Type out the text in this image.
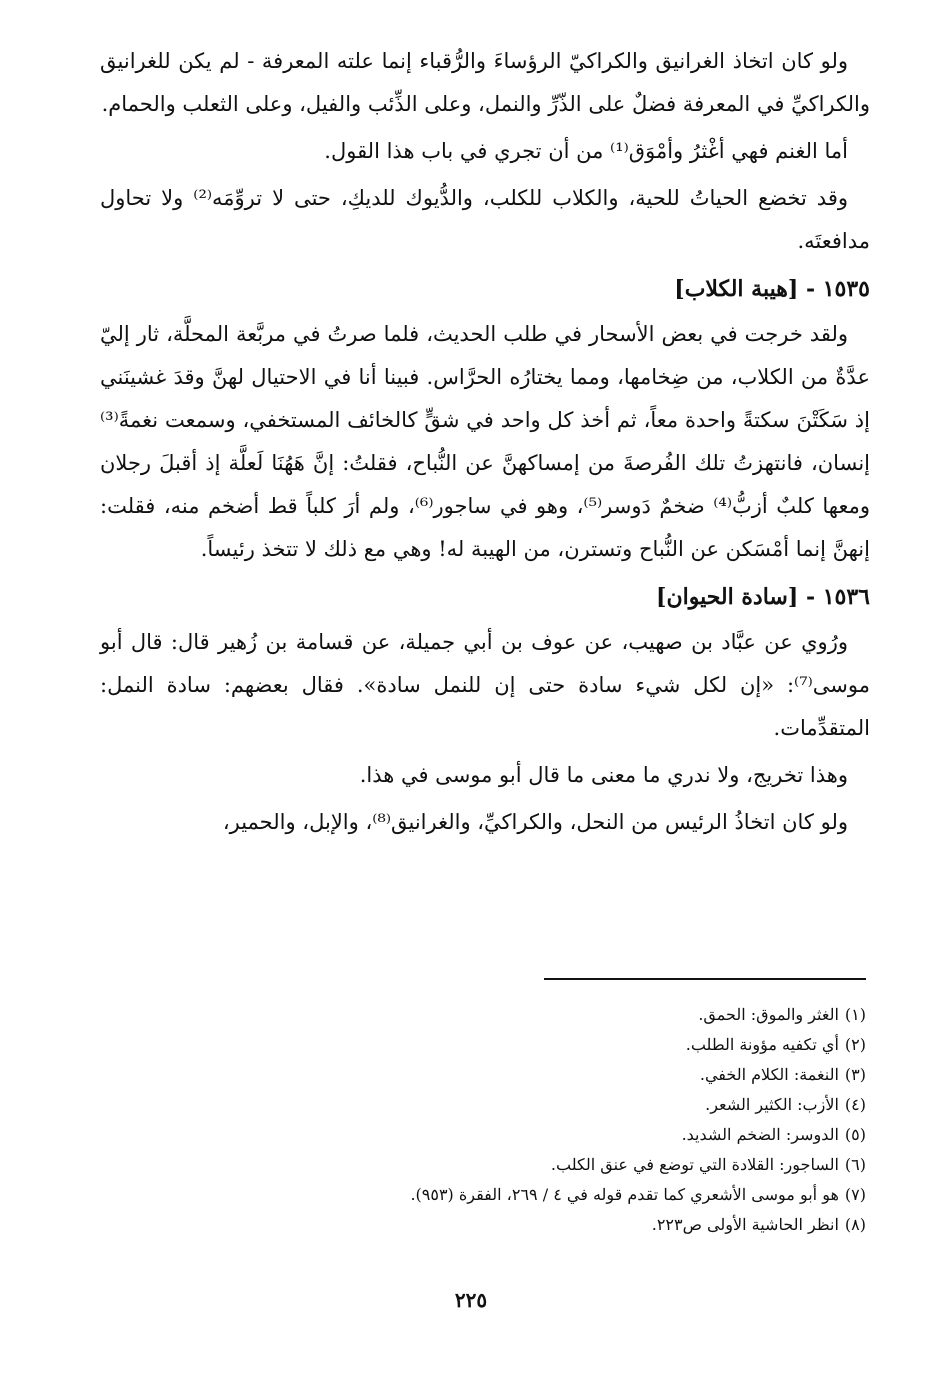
ولو كان اتخاذ الغرانيق والكراكيّ الرؤساءَ والرُّقباء إنما علته المعرفة - لم يكن للغرانيق والكراكيِّ في المعرفة فضلٌ على الذّرِّ والنمل، وعلى الذِّئب والفيل، وعلى الثعلب والحمام.

أما الغنم فهي أغْثرُ وأمْوَق⁽¹⁾ من أن تجري في باب هذا القول.

وقد تخضع الحياتُ للحية، والكلاب للكلب، والدُّيوك للديكِ، حتى لا تروِّمَه⁽²⁾ ولا تحاول مدافعتَه.

١٥٣٥ - [هيبة الكلاب]

ولقد خرجت في بعض الأسحار في طلب الحديث، فلما صرتُ في مربَّعة المحلَّة، ثار إليّ عدَّةٌ من الكلاب، من ضِخامها، ومما يختارُه الحرَّاس. فبينا أنا في الاحتيال لهنَّ وقدَ غشينَني إذ سَكَتْنَ سكتةً واحدة معاً، ثم أخذ كل واحد في شقٍّ كالخائف المستخفي، وسمعت نغمةً⁽³⁾ إنسان، فانتهزتُ تلك الفُرصةَ من إمساكهنَّ عن النُّباح، فقلتُ: إنَّ هَهُنَا لَعلَّة إذ أقبلَ رجلان ومعها كلبٌ أزبُّ⁽⁴⁾ ضخمٌ دَوسر⁽⁵⁾، وهو في ساجور⁽⁶⁾، ولم أرَ كلباً قط أضخم منه، فقلت: إنهنَّ إنما أمْسَكن عن النُّباح وتسترن، من الهيبة له! وهي مع ذلك لا تتخذ رئيساً.

١٥٣٦ - [سادة الحيوان]

ورُوي عن عبَّاد بن صهيب، عن عوف بن أبي جميلة، عن قسامة بن زُهير قال: قال أبو موسى⁽⁷⁾: «إن لكل شيء سادة حتى إن للنمل سادة». فقال بعضهم: سادة النمل: المتقدِّمات.

وهذا تخريج، ولا ندري ما معنى ما قال أبو موسى في هذا.

ولو كان اتخاذُ الرئيس من النحل، والكراكيِّ، والغرانيق⁽⁸⁾، والإبل، والحمير،

(١)الغثر والموق: الحمق.
(٢)أي تكفيه مؤونة الطلب.
(٣)النغمة: الكلام الخفي.
(٤)الأزب: الكثير الشعر.
(٥)الدوسر: الضخم الشديد.
(٦)الساجور: القلادة التي توضع في عنق الكلب.
(٧)هو أبو موسى الأشعري كما تقدم قوله في ٤ / ٢٦٩، الفقرة (٩٥٣).
(٨)انظر الحاشية الأولى ص٢٢٣.
٢٢٥
